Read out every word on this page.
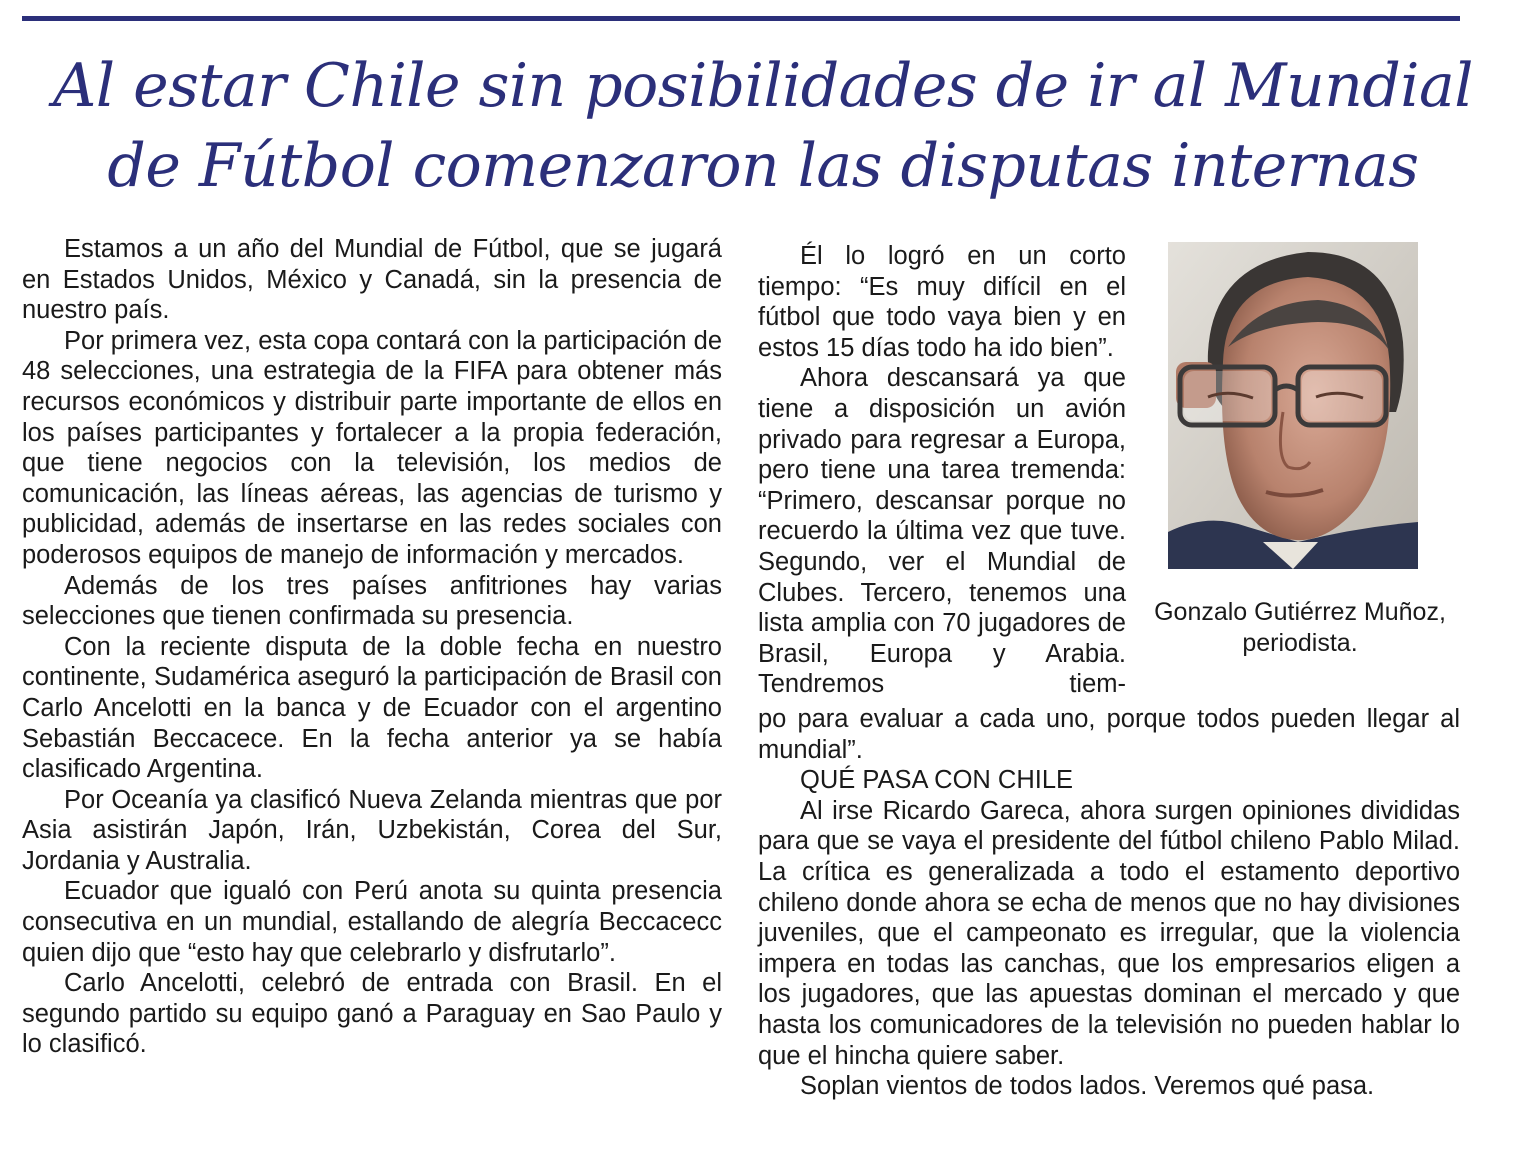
Al estar Chile sin posibilidades de ir al Mundial
de Fútbol comenzaron las disputas internas

Estamos a un año del Mundial de Fútbol, que se jugará en Estados Unidos, México y Canadá, sin la presencia de nuestro país.

Por primera vez, esta copa contará con la participación de 48 selecciones, una estrategia de la FIFA para obtener más recursos económicos y distribuir parte importante de ellos en los países participantes y fortalecer a la propia federación, que tiene negocios con la televisión, los medios de comunicación, las líneas aéreas, las agencias de turismo y publicidad, además de insertarse en las redes sociales con poderosos equipos de manejo de información y mercados.

Además de los tres países anfitriones hay varias selecciones que tienen confirmada su presencia.

Con la reciente disputa de la doble fecha en nuestro continente, Sudamérica aseguró la participación de Brasil con Carlo Ancelotti en la banca y de Ecuador con el argentino Sebastián Beccacece. En la fecha anterior ya se había clasificado Argentina.

Por Oceanía ya clasificó Nueva Zelanda mientras que por Asia asistirán Japón, Irán, Uzbekistán, Corea del Sur, Jordania y Australia.

Ecuador que igualó con Perú anota su quinta presencia consecutiva en un mundial, estallando de alegría Beccacecc quien dijo que “esto hay que celebrarlo y disfrutarlo”.

Carlo Ancelotti, celebró de entrada con Brasil. En el segundo partido su equipo ganó a Paraguay en Sao Paulo y lo clasificó.

Él lo logró en un corto tiempo: “Es muy difícil en el fútbol que todo vaya bien y en estos 15 días todo ha ido bien”.

Ahora descansará ya que tiene a disposición un avión privado para regresar a Europa, pero tiene una tarea tremenda: “Primero, descansar porque no recuerdo la última vez que tuve. Segundo, ver el Mundial de Clubes. Tercero, tenemos una lista amplia con 70 jugadores de Brasil, Europa y Arabia. Tendremos tiem-

Gonzalo Gutiérrez Muñoz,
periodista.

po para evaluar a cada uno, porque todos pueden llegar al mundial”.

QUÉ PASA CON CHILE

Al irse Ricardo Gareca, ahora surgen opiniones divididas para que se vaya el presidente del fútbol chileno Pablo Milad. La crítica es generalizada a todo el estamento deportivo chileno donde ahora se echa de menos que no hay divisiones juveniles, que el campeonato es irregular, que la violencia impera en todas las canchas, que los empresarios eligen a los jugadores, que las apuestas dominan el mercado y que hasta los comunicadores de la televisión no pueden hablar lo que el hincha quiere saber.

Soplan vientos de todos lados. Veremos qué pasa.
